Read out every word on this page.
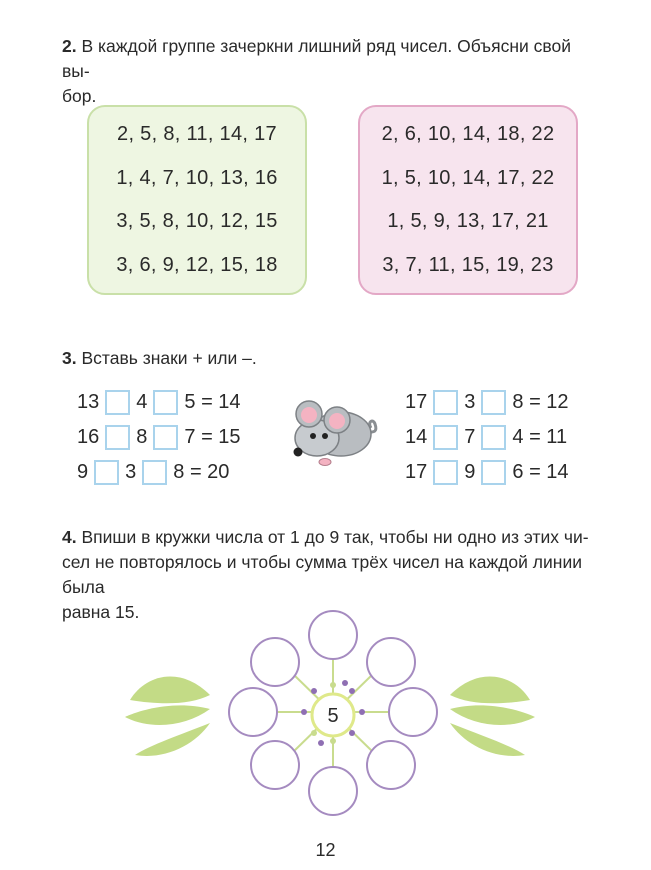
2. В каждой группе зачеркни лишний ряд чисел. Объясни свой вы-
бор.
2, 5, 8, 11, 14, 17
1, 4, 7, 10, 13, 16
3, 5, 8, 10, 12, 15
3, 6, 9, 12, 15, 18
2, 6, 10, 14, 18, 22
1, 5, 10, 14, 17, 22
1, 5, 9, 13, 17, 21
3, 7, 11, 15, 19, 23
3. Вставь знаки + или –.
13 4 5
= 14
16 8 7
= 15
9 3 8
= 20
17 3 8
= 12
14 7 4
= 11
17 9 6
= 14
4. Впиши в кружки числа от 1 до 9 так, чтобы ни одно из этих чи-
сел не повторялось и чтобы сумма трёх чисел на каждой линии была
равна 15.
5
12
